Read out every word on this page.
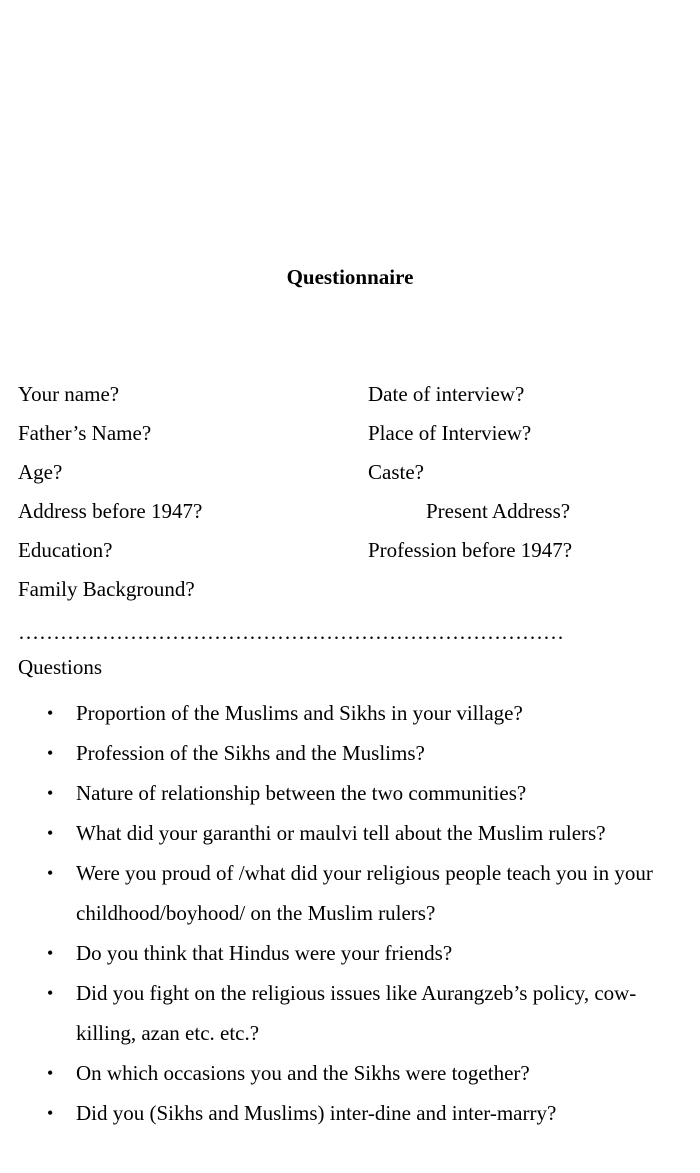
Questionnaire
Your name?
Father’s Name?
Age?
Address before 1947?
Education?
Family Background?
Date of interview?
Place of Interview?
Caste?
Present Address?
Profession before 1947?
……………………………………………………………………
Questions
• Proportion of the Muslims and Sikhs in your village?
• Profession of the Sikhs and the Muslims?
• Nature of relationship between the two communities?
• What did your garanthi or maulvi tell about the Muslim rulers?
• Were you proud of /what did your religious people teach you in your childhood/boyhood/ on the Muslim rulers?
• Do you think that Hindus were your friends?
• Did you fight on the religious issues like Aurangzeb’s policy, cow-killing, azan etc. etc.?
• On which occasions you and the Sikhs were together?
• Did you (Sikhs and Muslims) inter-dine and inter-marry?
